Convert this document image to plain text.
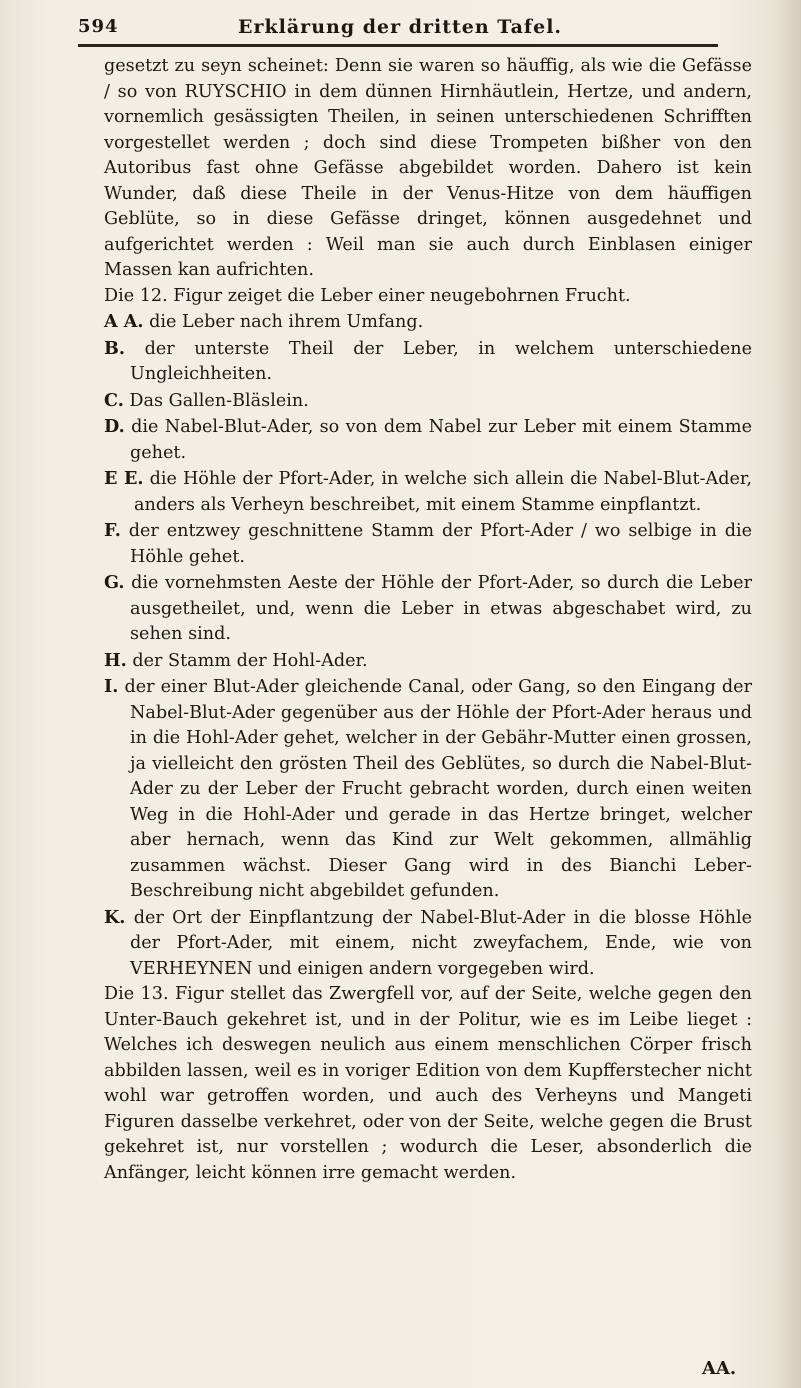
594	Erklärung der dritten Tafel.

gesetzt zu seyn scheinet: Denn sie waren so häuffig, als wie die Gefässe / so von RUYSCHIO in dem dünnen Hirnhäutlein, Hertze, und andern, vornemlich gesässigten Theilen, in seinen unterschiedenen Schrifften vorgestellet werden ; doch sind diese Trompeten bißher von den Autoribus fast ohne Gefässe abgebildet worden. Dahero ist kein Wunder, daß diese Theile in der Venus-Hitze von dem häuffigen Geblüte, so in diese Gefässe dringet, können ausgedehnet und aufgerichtet werden : Weil man sie auch durch Einblasen einiger Massen kan aufrichten.

Die 12. Figur zeiget die Leber einer neugebohrnen Frucht.

A A. die Leber nach ihrem Umfang.

B. der unterste Theil der Leber, in welchem unterschiedene Ungleichheiten.

C. Das Gallen-Bläslein.

D. die Nabel-Blut-Ader, so von dem Nabel zur Leber mit einem Stamme gehet.

E E. die Höhle der Pfort-Ader, in welche sich allein die Nabel-Blut-Ader, anders als Verheyn beschreibet, mit einem Stamme einpflantzt.

F. der entzwey geschnittene Stamm der Pfort-Ader / wo selbige in die Höhle gehet.

G. die vornehmsten Aeste der Höhle der Pfort-Ader, so durch die Leber ausgetheilet, und, wenn die Leber in etwas abgeschabet wird, zu sehen sind.

H. der Stamm der Hohl-Ader.

I. der einer Blut-Ader gleichende Canal, oder Gang, so den Eingang der Nabel-Blut-Ader gegenüber aus der Höhle der Pfort-Ader heraus und in die Hohl-Ader gehet, welcher in der Gebähr-Mutter einen grossen, ja vielleicht den grösten Theil des Geblütes, so durch die Nabel-Blut-Ader zu der Leber der Frucht gebracht worden, durch einen weiten Weg in die Hohl-Ader und gerade in das Hertze bringet, welcher aber hernach, wenn das Kind zur Welt gekommen, allmählig zusammen wächst. Dieser Gang wird in des Bianchi Leber-Beschreibung nicht abgebildet gefunden.

K. der Ort der Einpflantzung der Nabel-Blut-Ader in die blosse Höhle der Pfort-Ader, mit einem, nicht zweyfachem, Ende, wie von VERHEYNEN und einigen andern vorgegeben wird.

Die 13. Figur stellet das Zwergfell vor, auf der Seite, welche gegen den Unter-Bauch gekehret ist, und in der Politur, wie es im Leibe lieget : Welches ich deswegen neulich aus einem menschlichen Cörper frisch abbilden lassen, weil es in voriger Edition von dem Kupfferstecher nicht wohl war getroffen worden, und auch des Verheyns und Mangeti Figuren dasselbe verkehret, oder von der Seite, welche gegen die Brust gekehret ist, nur vorstellen ; wodurch die Leser, absonderlich die Anfänger, leicht können irre gemacht werden.

AA.
